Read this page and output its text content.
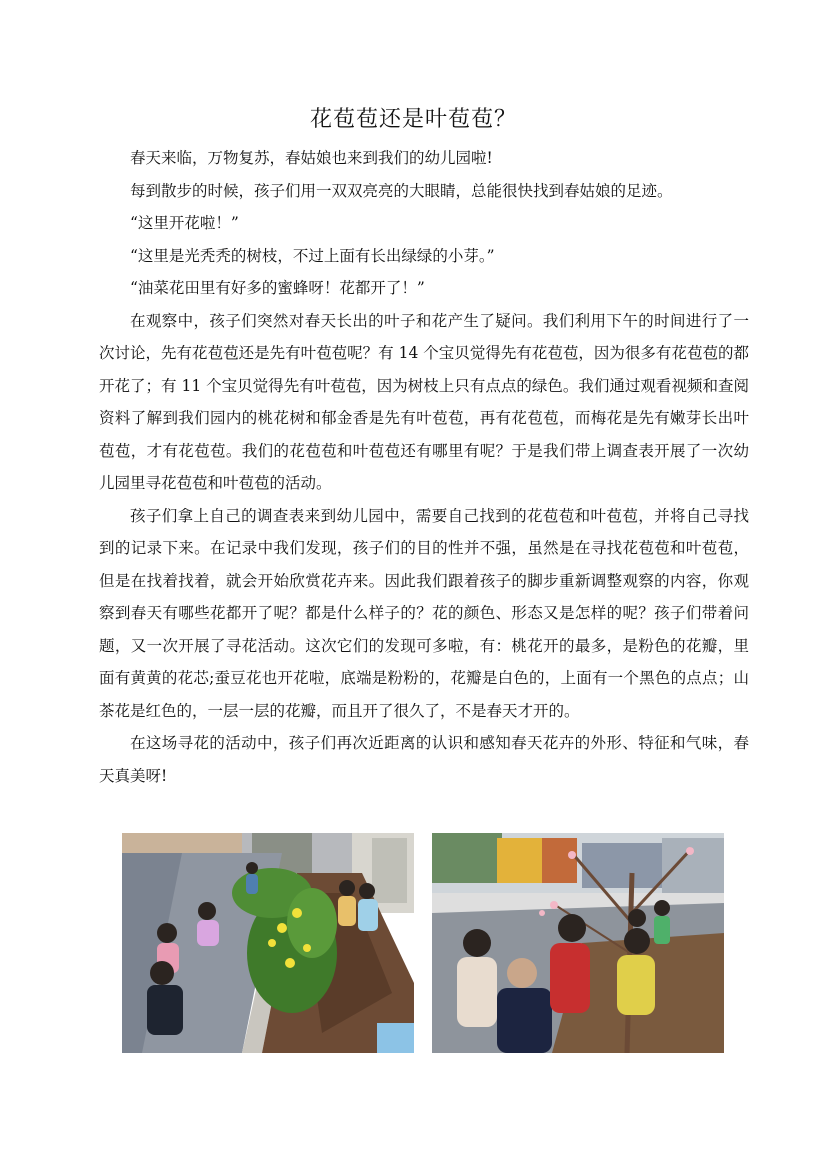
花苞苞还是叶苞苞？

春天来临，万物复苏，春姑娘也来到我们的幼儿园啦!

每到散步的时候，孩子们用一双双亮亮的大眼睛，总能很快找到春姑娘的足迹。

“这里开花啦！”

“这里是光秃秃的树枝，不过上面有长出绿绿的小芽。”

“油菜花田里有好多的蜜蜂呀！花都开了！”

在观察中，孩子们突然对春天长出的叶子和花产生了疑问。我们利用下午的时间进行了一次讨论，先有花苞苞还是先有叶苞苞呢？有 14 个宝贝觉得先有花苞苞，因为很多有花苞苞的都开花了；有 11 个宝贝觉得先有叶苞苞，因为树枝上只有点点的绿色。我们通过观看视频和查阅资料了解到我们园内的桃花树和郁金香是先有叶苞苞，再有花苞苞，而梅花是先有嫩芽长出叶苞苞，才有花苞苞。我们的花苞苞和叶苞苞还有哪里有呢？于是我们带上调查表开展了一次幼儿园里寻花苞苞和叶苞苞的活动。

孩子们拿上自己的调查表来到幼儿园中，需要自己找到的花苞苞和叶苞苞，并将自己寻找到的记录下来。在记录中我们发现，孩子们的目的性并不强，虽然是在寻找花苞苞和叶苞苞，但是在找着找着，就会开始欣赏花卉来。因此我们跟着孩子的脚步重新调整观察的内容，你观察到春天有哪些花都开了呢？都是什么样子的？花的颜色、形态又是怎样的呢？孩子们带着问题，又一次开展了寻花活动。这次它们的发现可多啦，有：桃花开的最多，是粉色的花瓣，里面有黄黄的花芯;蚕豆花也开花啦，底端是粉粉的，花瓣是白色的，上面有一个黑色的点点；山茶花是红色的，一层一层的花瓣，而且开了很久了，不是春天才开的。

在这场寻花的活动中，孩子们再次近距离的认识和感知春天花卉的外形、特征和气味，春天真美呀!
